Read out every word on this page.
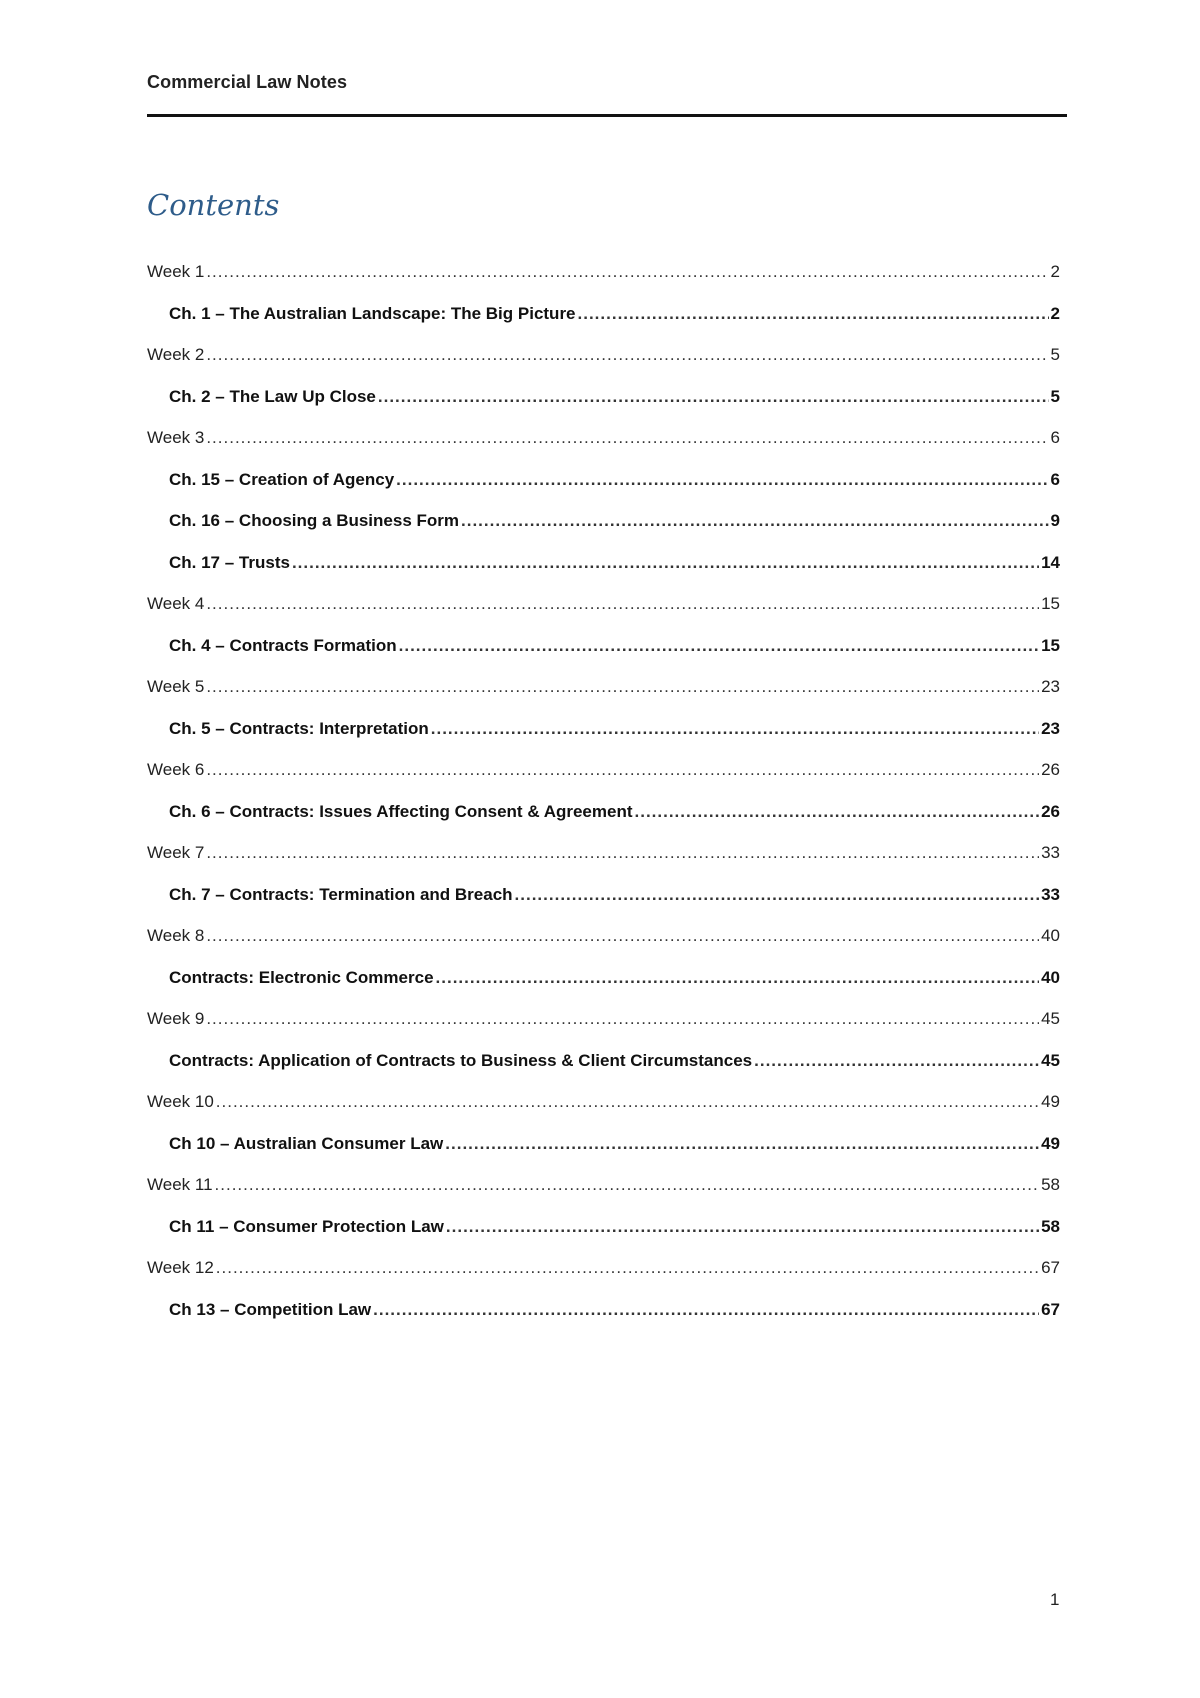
Commercial Law Notes
Contents
Week 1 .....	2
Ch. 1 – The Australian Landscape: The Big Picture .....	2
Week 2 .....	5
Ch. 2 – The Law Up Close .....	5
Week 3 .....	6
Ch. 15 – Creation of Agency .....	6
Ch. 16 – Choosing a Business Form .....	9
Ch. 17 – Trusts .....	14
Week 4 .....	15
Ch. 4 – Contracts Formation .....	15
Week 5 .....	23
Ch. 5 – Contracts: Interpretation .....	23
Week 6 .....	26
Ch. 6 – Contracts: Issues Affecting Consent & Agreement .....	26
Week 7 .....	33
Ch. 7 – Contracts: Termination and Breach .....	33
Week 8 .....	40
Contracts: Electronic Commerce .....	40
Week 9 .....	45
Contracts: Application of Contracts to Business & Client Circumstances .....	45
Week 10 .....	49
Ch 10 – Australian Consumer Law .....	49
Week 11 .....	58
Ch 11 – Consumer Protection Law .....	58
Week 12 .....	67
Ch 13 – Competition Law .....	67
1
